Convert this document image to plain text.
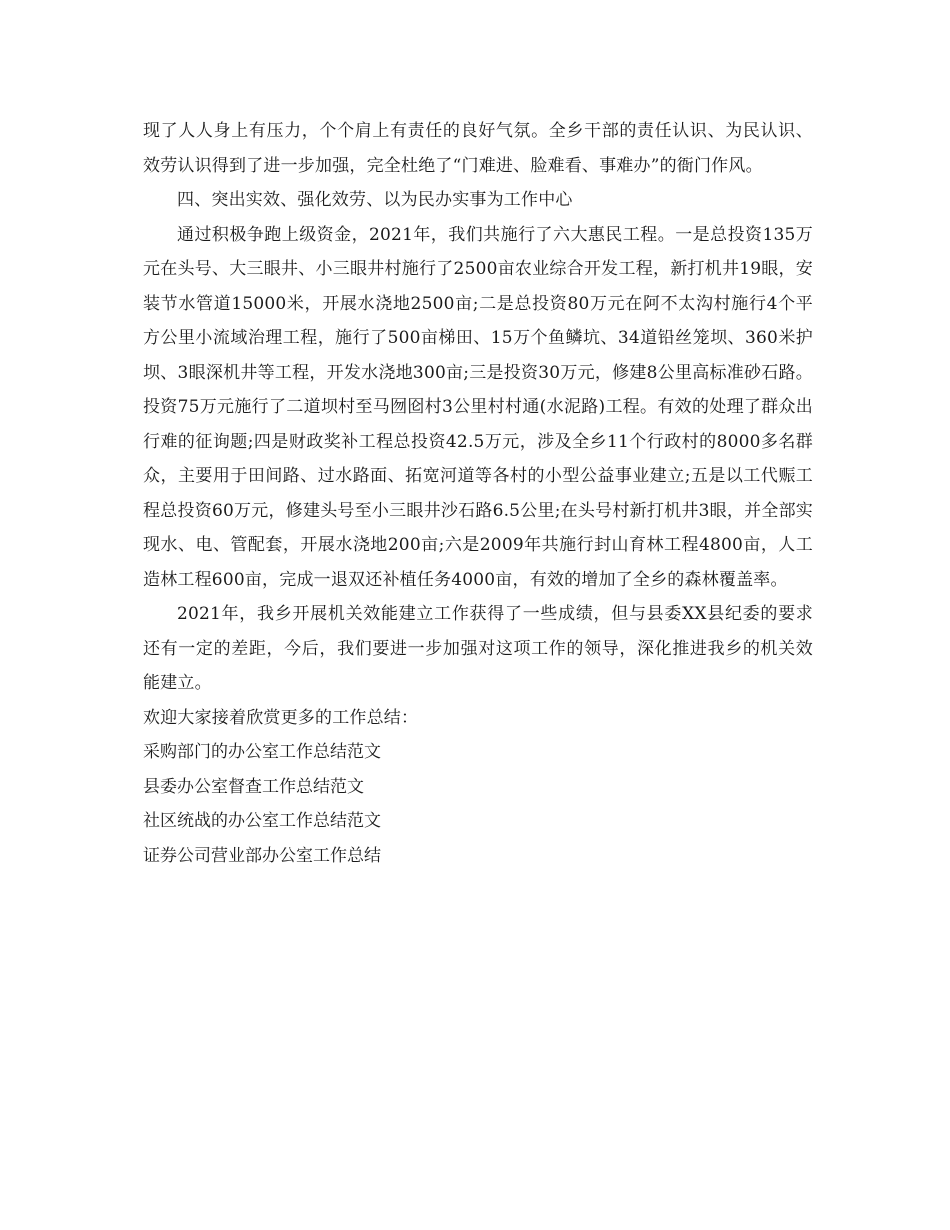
现了人人身上有压力，个个肩上有责任的良好气氛。全乡干部的责任认识、为民认识、效劳认识得到了进一步加强，完全杜绝了“门难进、脸难看、事难办”的衙门作风。

四、突出实效、强化效劳、以为民办实事为工作中心

通过积极争跑上级资金，2021年，我们共施行了六大惠民工程。一是总投资135万元在头号、大三眼井、小三眼井村施行了2500亩农业综合开发工程，新打机井19眼，安装节水管道15000米，开展水浇地2500亩;二是总投资80万元在阿不太沟村施行4个平方公里小流域治理工程，施行了500亩梯田、15万个鱼鳞坑、34道铅丝笼坝、360米护坝、3眼深机井等工程，开发水浇地300亩;三是投资30万元，修建8公里高标准砂石路。投资75万元施行了二道坝村至马囫囵村3公里村村通(水泥路)工程。有效的处理了群众出行难的征询题;四是财政奖补工程总投资42.5万元，涉及全乡11个行政村的8000多名群众，主要用于田间路、过水路面、拓宽河道等各村的小型公益事业建立;五是以工代赈工程总投资60万元，修建头号至小三眼井沙石路6.5公里;在头号村新打机井3眼，并全部实现水、电、管配套，开展水浇地200亩;六是2009年共施行封山育林工程4800亩，人工造林工程600亩，完成一退双还补植任务4000亩，有效的增加了全乡的森林覆盖率。

2021年，我乡开展机关效能建立工作获得了一些成绩，但与县委XX县纪委的要求还有一定的差距，今后，我们要进一步加强对这项工作的领导，深化推进我乡的机关效能建立。

欢迎大家接着欣赏更多的工作总结：

采购部门的办公室工作总结范文
县委办公室督查工作总结范文
社区统战的办公室工作总结范文
证券公司营业部办公室工作总结
